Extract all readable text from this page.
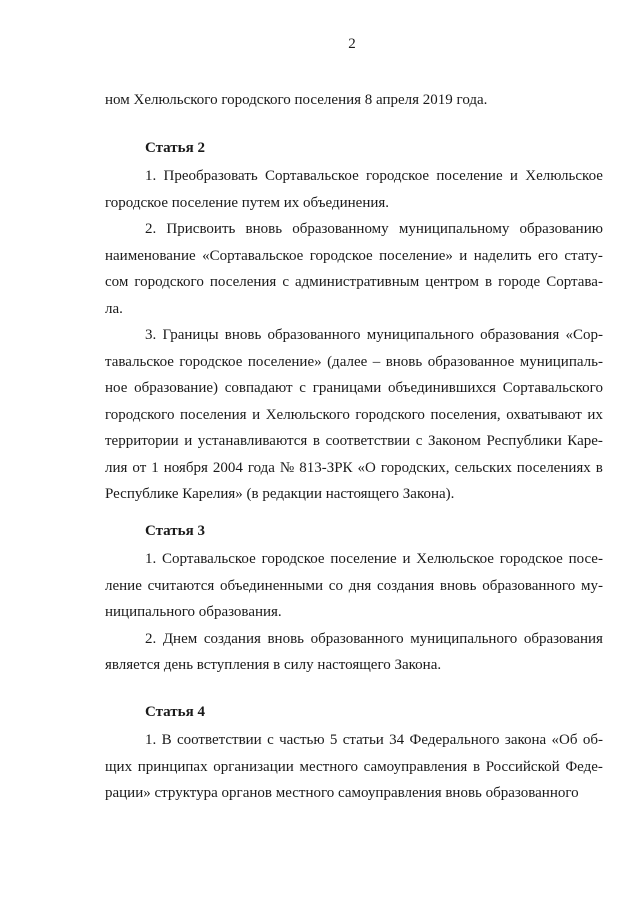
2
ном Хелюльского городского поселения 8 апреля 2019 года.
Статья 2
1. Преобразовать Сортавальское городское поселение и Хелюльское
городское поселение путем их объединения.
2. Присвоить вновь образованному муниципальному образованию
наименование «Сортавальское городское поселение» и наделить его стату-
сом городского поселения с административным центром в городе Сортава-
ла.
3. Границы вновь образованного муниципального образования «Сор-
тавальское городское поселение» (далее – вновь образованное муниципаль-
ное образование) совпадают с границами объединившихся Сортавальского
городского поселения и Хелюльского городского поселения, охватывают их
территории и устанавливаются в соответствии с Законом Республики Каре-
лия от 1 ноября 2004 года № 813-ЗРК «О городских, сельских поселениях в
Республике Карелия» (в редакции настоящего Закона).
Статья 3
1. Сортавальское городское поселение и Хелюльское городское посе-
ление считаются объединенными со дня создания вновь образованного му-
ниципального образования.
2. Днем создания вновь образованного муниципального образования
является день вступления в силу настоящего Закона.
Статья 4
1. В соответствии с частью 5 статьи 34 Федерального закона «Об об-
щих принципах организации местного самоуправления в Российской Феде-
рации» структура органов местного самоуправления вновь образованного
